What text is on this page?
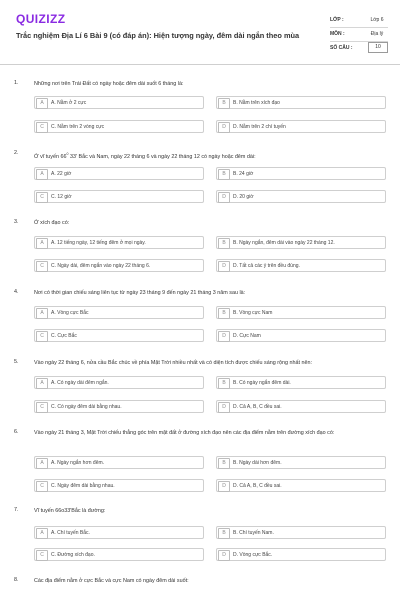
QUIZIZZ
Trắc nghiệm Địa Lí 6 Bài 9 (có đáp án): Hiện tượng ngày, đêm dài ngắn theo mùa
LỚP :	Lớp 6
MÔN :	Địa lý
SỐ CÂU :	10
1.	Những nơi trên Trái Đất có ngày hoặc đêm dài suốt 6 tháng là:
A	A. Nằm ở 2 cực	B	B. Nằm trên xích đạo
C	C. Nằm trên 2 vòng cực	D	D. Nằm trên 2 chí tuyến
2.
Ở vĩ tuyến $66^0$ 33' Bắc và Nam, ngày 22 tháng 6 và ngày 22 tháng 12 có ngày hoặc đêm dài:
A	A. 22 giờ	B	B. 24 giờ
C	C. 12 giờ	D	D. 20 giờ
3.	Ở xích đạo có:
A	A. 12 tiếng ngày, 12 tiếng đêm ở mọi ngày.	B	B. Ngày ngắn, đêm dài vào ngày 22 tháng 12.
C	C. Ngày dài, đêm ngắn vào ngày 22 tháng 6.	D	D. Tất cả các ý trên đều đúng.
4.	Nơi có thời gian chiếu sáng liên tục từ ngày 23 tháng 9 đến ngày 21 tháng 3 năm sau là:
A	A. Vòng cực Bắc	B	B. Vòng cực Nam
C	C. Cực Bắc	D	D. Cực Nam
5.	Vào ngày 22 tháng 6, nửa cầu Bắc chúc về phía Mặt Trời nhiều nhất và có diện tích được chiếu sáng rộng nhất nên:
A	A. Có ngày dài đêm ngắn.	B	B. Có ngày ngắn đêm dài.
C	C. Có ngày đêm dài bằng nhau.	D	D. Cả A, B, C đều sai.
6.	Vào ngày 21 tháng 3, Mặt Trời chiếu thẳng góc trên mặt đất ở đường xích đạo nên các địa điểm nằm trên đường xích đạo có:
A	A. Ngày ngắn hơn đêm.	B	B. Ngày dài hơn đêm.
C	C. Ngày đêm dài bằng nhau.	D	D. Cả A, B, C đều sai.
7.	Vĩ tuyến 66o33'Bắc là đường:
A	A. Chí tuyến Bắc.	B	B. Chí tuyến Nam.
C	C. Đường xích đạo.	D	D. Vòng cực Bắc.
8.	Các địa điểm nằm ở cực Bắc và cực Nam có ngày đêm dài suốt:
